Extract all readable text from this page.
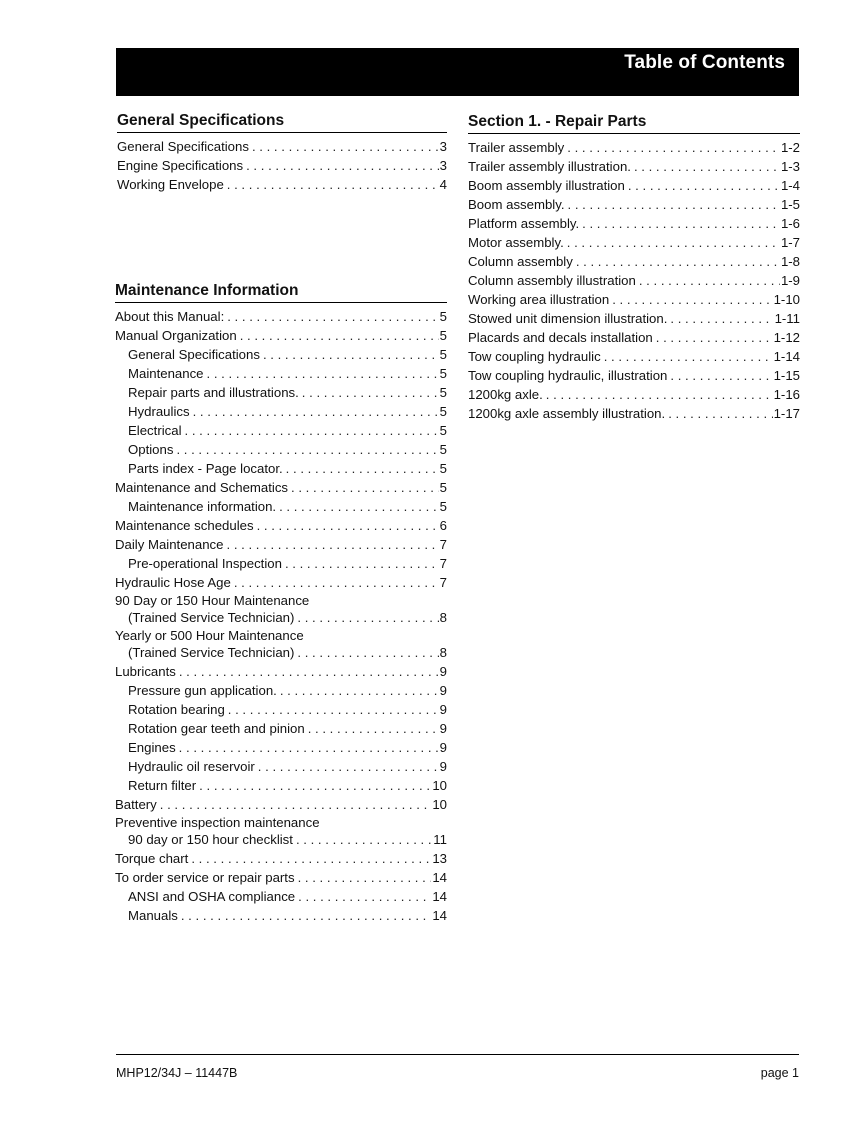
Table of Contents
General Specifications
General Specifications . . .	3
Engine Specifications . . .	3
Working Envelope . . .	4
Maintenance Information
About this Manual: . . .	5
Manual Organization . . .	5
General Specifications . . .	5
Maintenance . . .	5
Repair parts and illustrations. . . .	5
Hydraulics . . .	5
Electrical . . .	5
Options . . .	5
Parts index - Page locator. . . .	5
Maintenance and Schematics . . .	5
Maintenance information. . . .	5
Maintenance schedules . . .	6
Daily Maintenance . . .	7
Pre-operational Inspection . . .	7
Hydraulic Hose Age . . .	7
90 Day or 150 Hour Maintenance
(Trained Service Technician) . . .	8
Yearly or 500 Hour Maintenance
(Trained Service Technician) . . .	8
Lubricants . . .	9
Pressure gun application. . . .	9
Rotation bearing . . .	9
Rotation gear teeth and pinion . . .	9
Engines . . .	9
Hydraulic oil reservoir . . .	9
Return filter . . .	10
Battery . . .	10
Preventive inspection maintenance
90 day or 150 hour checklist . . .	11
Torque chart . . .	13
To order service or repair parts . . .	14
ANSI and OSHA compliance . . .	14
Manuals . . .	14
Section 1. - Repair Parts
Trailer assembly . . .	1-2
Trailer assembly illustration. . . .	1-3
Boom assembly illustration . . .	1-4
Boom assembly. . . .	1-5
Platform assembly. . . .	1-6
Motor assembly. . . .	1-7
Column assembly . . .	1-8
Column assembly illustration . . .	1-9
Working area illustration . . .	1-10
Stowed unit dimension illustration. . . .	1-11
Placards and decals installation . . .	1-12
Tow coupling hydraulic . . .	1-14
Tow coupling hydraulic, illustration . . .	1-15
1200kg axle. . . .	1-16
1200kg axle assembly illustration. . . .	1-17
MHP12/34J – 11447B	page 1
